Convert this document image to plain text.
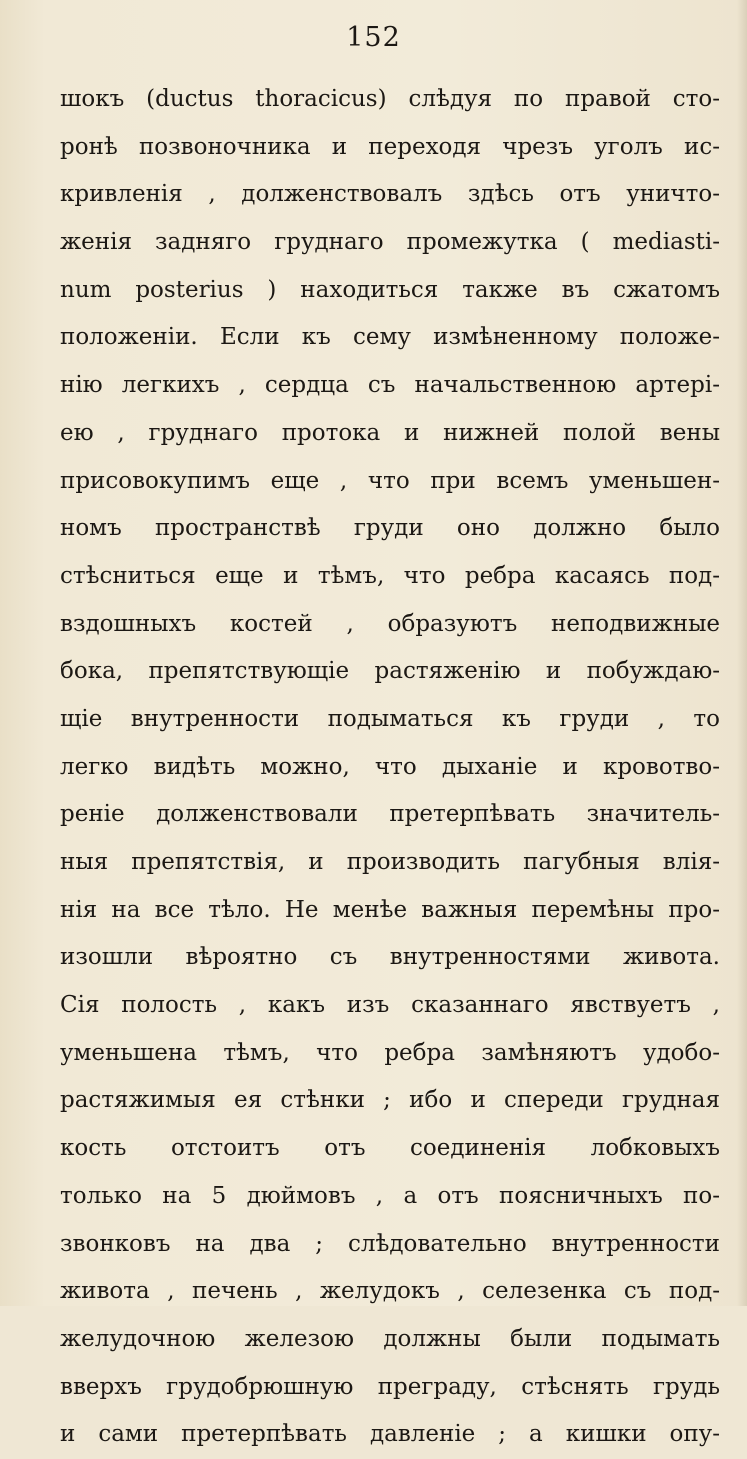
152
шокъ (ductus thoracicus) слѣдуя по правой сто-
ронѣ позвоночника и переходя чрезъ уголъ ис-
кривленія , долженствовалъ здѣсь отъ уничто-
женія задняго груднаго промежутка ( mediasti-
num posterius ) находиться также въ сжатомъ
положеніи. Если къ сему измѣненному положе-
нію легкихъ , сердца съ начальственною артері-
ею , груднаго протока и нижней полой вены
присовокупимъ еще , что при всемъ уменьшен-
номъ пространствѣ груди оно должно было
стѣсниться еще и тѣмъ, что ребра касаясь под-
вздошныхъ костей , образуютъ неподвижные
бока, препятствующіе растяженію и побуждаю-
щіе внутренности подыматься къ груди , то
легко видѣть можно, что дыханіе и кровотво-
реніе долженствовали претерпѣвать значитель-
ныя препятствія, и производить пагубныя влія-
нія на все тѣло. Не менѣе важныя перемѣны про-
изошли вѣроятно съ внутренностями живота.
Сія полость , какъ изъ сказаннаго явствуетъ ,
уменьшена тѣмъ, что ребра замѣняютъ удобо-
растяжимыя ея стѣнки ; ибо и спереди грудная
кость отстоитъ отъ соединенія лобковыхъ
только на 5 дюймовъ , а отъ поясничныхъ по-
звонковъ на два ; слѣдовательно внутренности
живота , печень , желудокъ , селезенка съ под-
желудочною железою должны были подымать
вверхъ грудобрюшную преграду, стѣснять грудь
и сами претерпѣвать давленіе ; а кишки опу-
